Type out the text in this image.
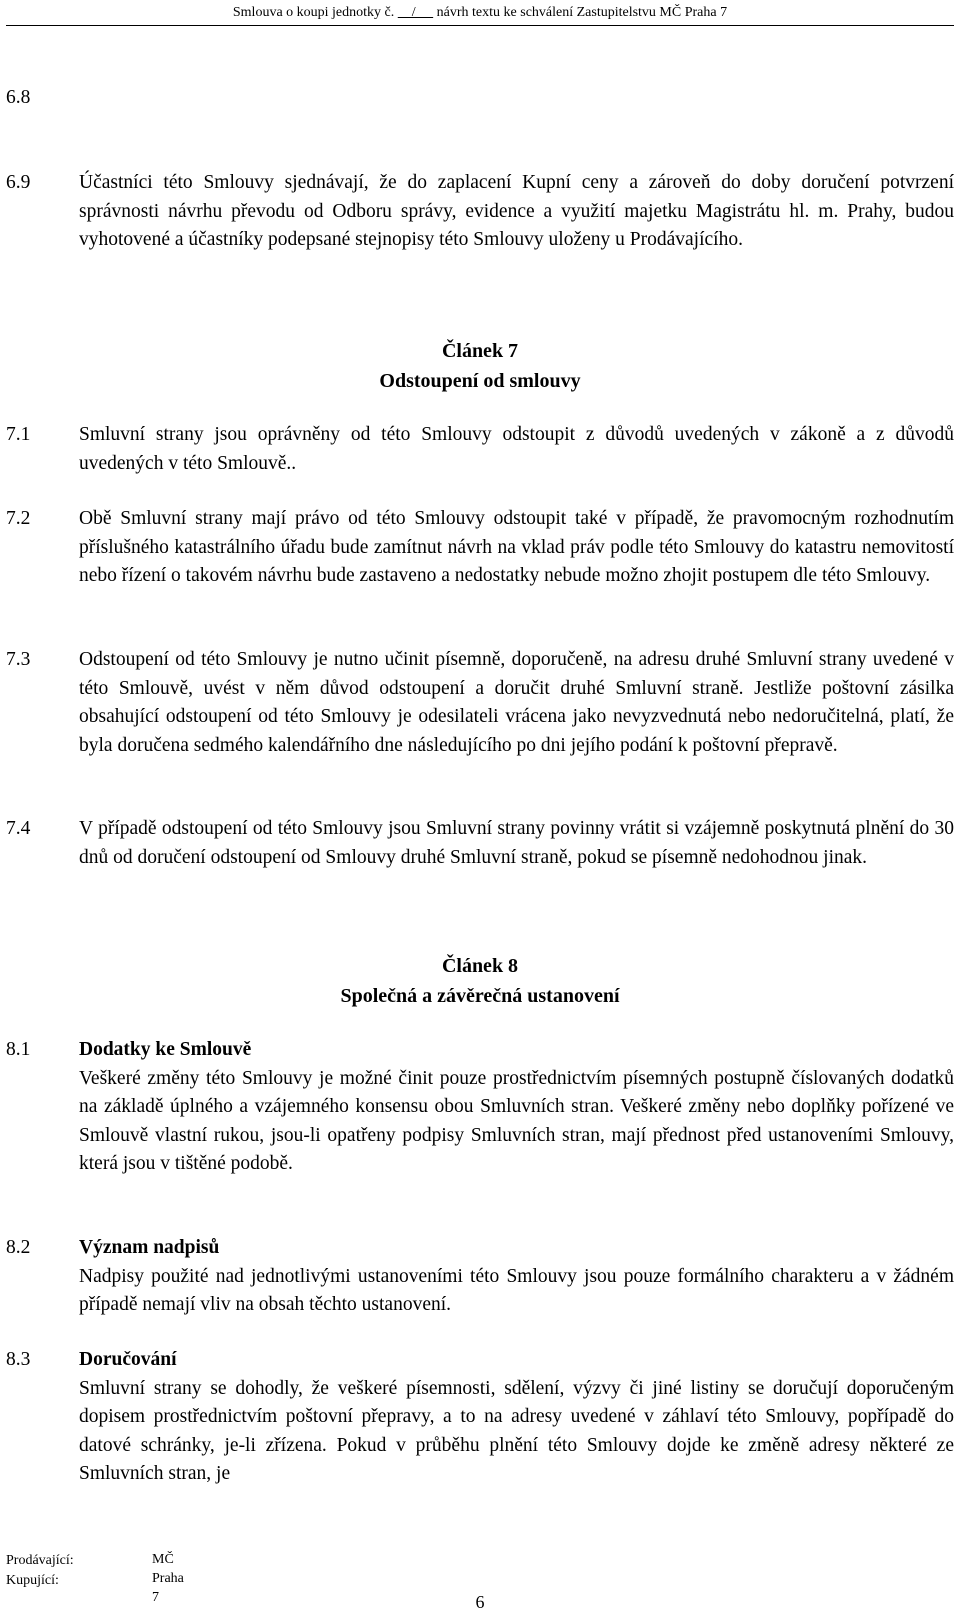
Smlouva o koupi jednotky č.     /      návrh textu ke schválení Zastupitelstvu MČ Praha 7
6.8
6.9 Účastníci této Smlouvy sjednávají, že do zaplacení Kupní ceny a zároveň do doby doručení potvrzení správnosti návrhu převodu od Odboru správy, evidence a využití majetku Magistrátu hl. m. Prahy, budou vyhotovené a účastníky podepsané stejnopisy této Smlouvy uloženy u Prodávajícího.
Článek 7
Odstoupení od smlouvy
7.1 Smluvní strany jsou oprávněny od této Smlouvy odstoupit z důvodů uvedených v zákoně a z důvodů uvedených v této Smlouvě..
7.2 Obě Smluvní strany mají právo od této Smlouvy odstoupit také v případě, že pravomocným rozhodnutím příslušného katastrálního úřadu bude zamítnut návrh na vklad práv podle této Smlouvy do katastru nemovitostí nebo řízení o takovém návrhu bude zastaveno a nedostatky nebude možno zhojit postupem dle této Smlouvy.
7.3 Odstoupení od této Smlouvy je nutno učinit písemně, doporučeně, na adresu druhé Smluvní strany uvedené v této Smlouvě, uvést v něm důvod odstoupení a doručit druhé Smluvní straně. Jestliže poštovní zásilka obsahující odstoupení od této Smlouvy je odesilateli vrácena jako nevyzvednutá nebo nedoručitelná, platí, že byla doručena sedmého kalendářního dne následujícího po dni jejího podání k poštovní přepravě.
7.4 V případě odstoupení od této Smlouvy jsou Smluvní strany povinny vrátit si vzájemně poskytnutá plnění do 30 dnů od doručení odstoupení od Smlouvy druhé Smluvní straně, pokud se písemně nedohodnou jinak.
Článek 8
Společná a závěrečná ustanovení
8.1 Dodatky ke Smlouvě
Veškeré změny této Smlouvy je možné činit pouze prostřednictvím písemných postupně číslovaných dodatků na základě úplného a vzájemného konsensu obou Smluvních stran. Veškeré změny nebo doplňky pořízené ve Smlouvě vlastní rukou, jsou-li opatřeny podpisy Smluvních stran, mají přednost před ustanoveními Smlouvy, která jsou v tištěné podobě.
8.2 Význam nadpisů
Nadpisy použité nad jednotlivými ustanoveními této Smlouvy jsou pouze formálního charakteru a v žádném případě nemají vliv na obsah těchto ustanovení.
8.3 Doručování
Smluvní strany se dohodly, že veškeré písemnosti, sdělení, výzvy či jiné listiny se doručují doporučeným dopisem prostřednictvím poštovní přepravy, a to na adresy uvedené v záhlaví této Smlouvy, popřípadě do datové schránky, je-li zřízena. Pokud v průběhu plnění této Smlouvy dojde ke změně adresy některé ze Smluvních stran, je
Prodávající:	MČ Praha 7
Kupující:
6
